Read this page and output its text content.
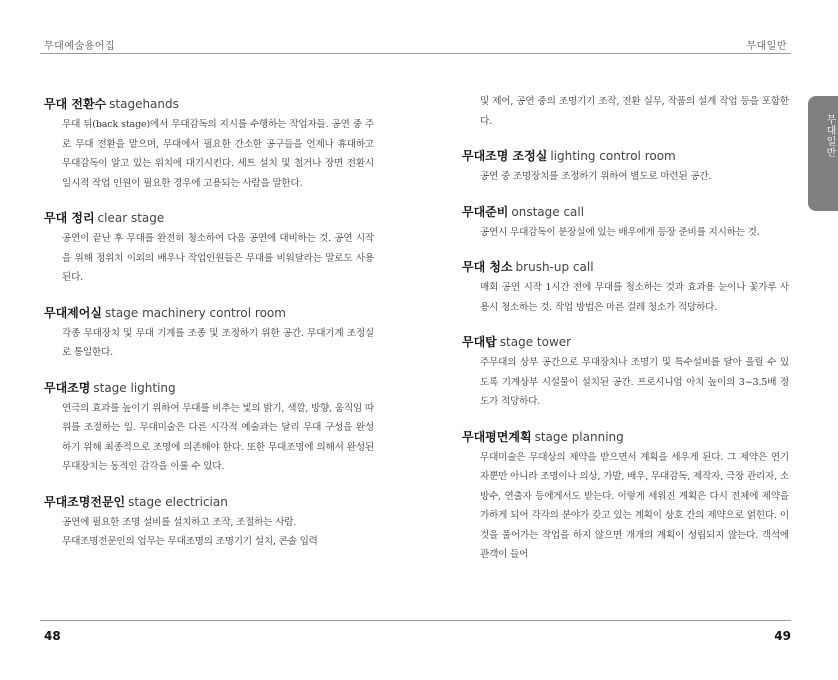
무대예술용어집	무대일반
무대일반

무대 전환수 stagehands

무대 뒤(back stage)에서 무대감독의 지시를 수행하는 작업자들. 공연 중 주로 무대 전환을 맡으며, 무대에서 필요한 간소한 공구들을 언제나 휴대하고 무대감독이 알고 있는 위치에 대기시킨다. 세트 설치 및 철거나 장면 전환시 일시적 작업 인원이 필요한 경우에 고용되는 사람을 말한다.

무대 정리 clear stage

공연이 끝난 후 무대를 완전히 청소하여 다음 공연에 대비하는 것. 공연 시작을 위해 정위치 이외의 배우나 작업인원들은 무대를 비워달라는 말로도 사용된다.

무대제어실 stage machinery control room

각종 무대장치 및 무대 기계를 조종 및 조정하기 위한 공간. 무대기계 조정실로 통일한다.

무대조명 stage lighting

연극의 효과를 높이기 위하여 무대를 비추는 빛의 밝기, 색깔, 방향, 움직임 따위를 조절하는 일. 무대미술은 다른 시각적 예술과는 달리 무대 구성을 완성하기 위해 최종적으로 조명에 의존해야 한다. 또한 무대조명에 의해서 완성된 무대장치는 동적인 감각을 이룰 수 있다.

무대조명전문인 stage electrician

공연에 필요한 조명 설비를 설치하고 조작, 조절하는 사람.

무대조명전문인의 업무는 무대조명의 조명기기 설치, 콘솔 입력

및 제어, 공연 중의 조명기기 조작, 전환 실무, 작품의 설계 작업 등을 포함한다.

무대조명 조정실 lighting control room

공연 중 조명장치를 조정하기 위하여 별도로 마련된 공간.

무대준비 onstage call

공연시 무대감독이 분장실에 있는 배우에게 등장 준비를 지시하는 것.

무대 청소 brush-up call

매회 공연 시작 1시간 전에 무대를 청소하는 것과 효과용 눈이나 꽃가루 사용시 청소하는 것. 작업 방법은 마른 걸레 청소가 적당하다.

무대탑 stage tower

주무대의 상부 공간으로 무대장치나 조명기 및 특수설비를 달아 올릴 수 있도록 기계상부 시설물이 설치된 공간. 프로시니엄 아치 높이의 3~3.5배 정도가 적당하다.

무대평면계획 stage planning

무대미술은 무대상의 제약을 받으면서 계획을 세우게 된다. 그 제약은 연기자뿐만 아니라 조명이나 의상, 가발, 배우, 무대감독, 제작자, 극장 관리자, 소방수, 연출자 등에게서도 받는다. 이렇게 세워진 계획은 다시 전체에 제약을 가하게 되어 각각의 분야가 갖고 있는 계획이 상호 간의 제약으로 얽힌다. 이것을 풀어가는 작업을 하지 않으면 개개의 계획이 성립되지 않는다. 객석에 관객이 들어

48	49
